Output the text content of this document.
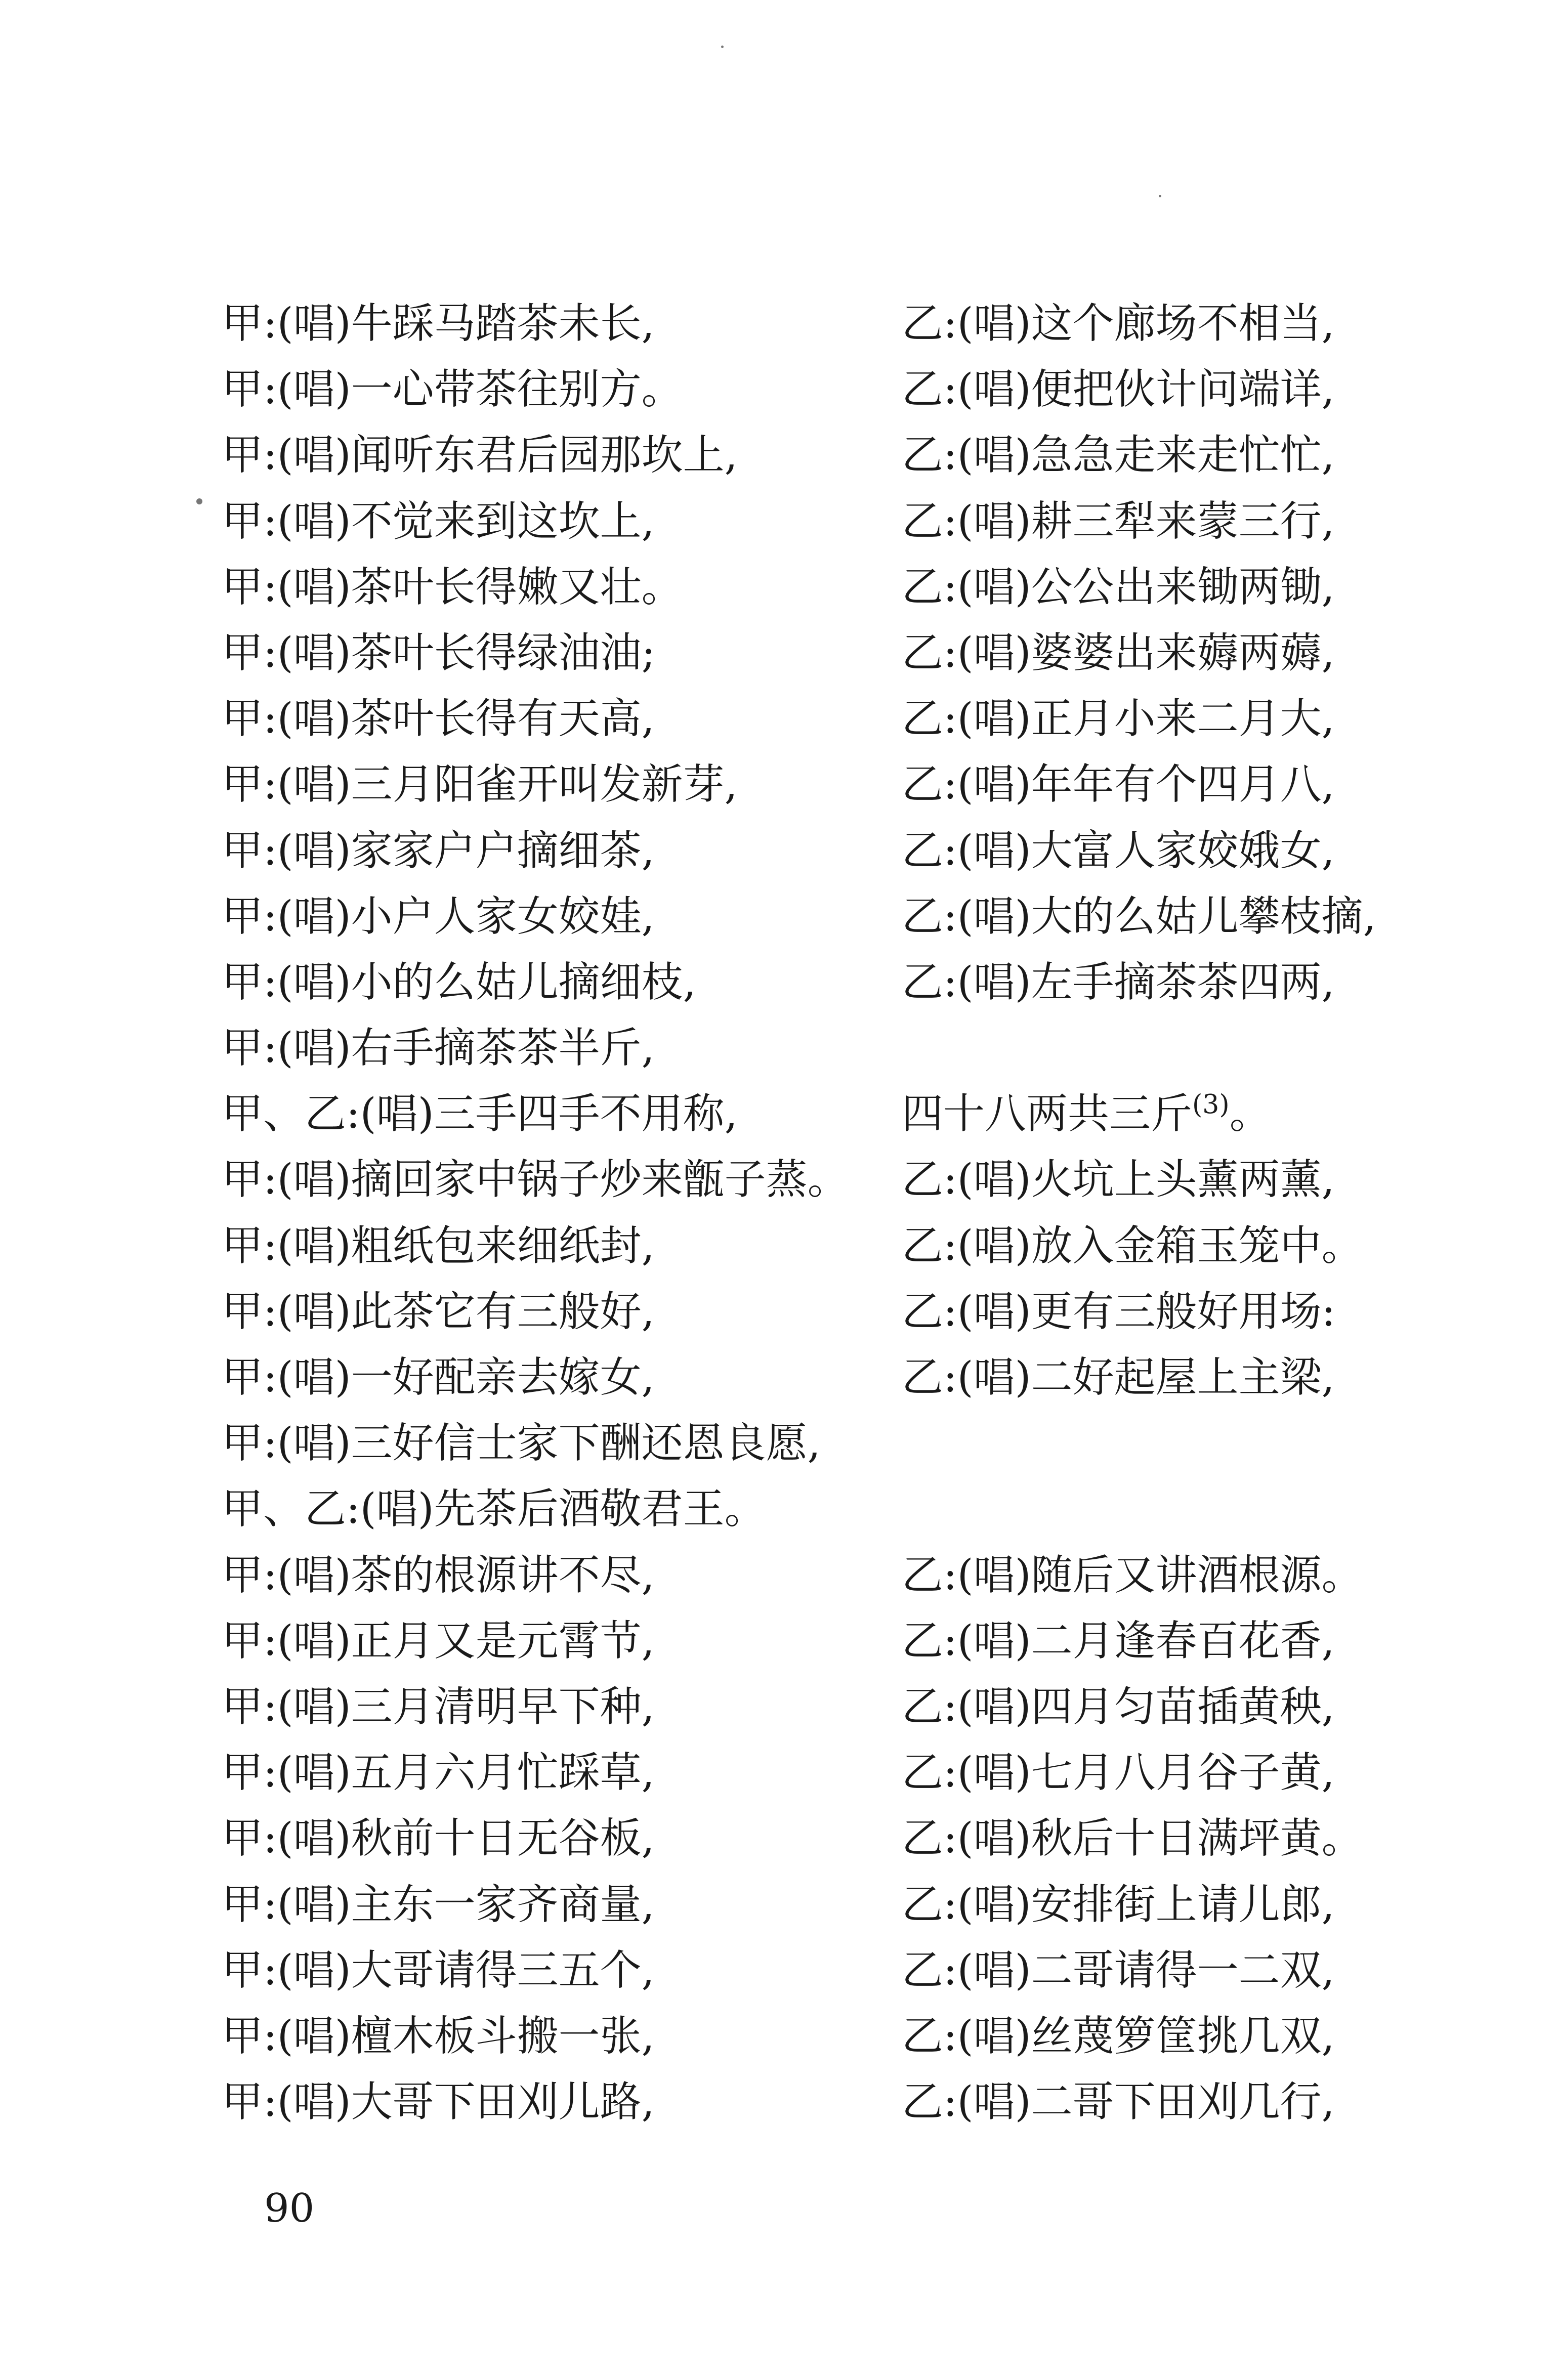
甲:(唱)牛踩马踏茶未长,
甲:(唱)一心带茶往别方。
甲:(唱)闻听东君后园那坎上,
甲:(唱)不觉来到这坎上,
甲:(唱)茶叶长得嫩又壮。
甲:(唱)茶叶长得绿油油;
甲:(唱)茶叶长得有天高,
甲:(唱)三月阳雀开叫发新芽,
甲:(唱)家家户户摘细茶,
甲:(唱)小户人家女姣娃,
甲:(唱)小的么姑儿摘细枝,
甲:(唱)右手摘茶茶半斤,
甲、乙:(唱)三手四手不用称,
甲:(唱)摘回家中锅子炒来甑子蒸。
甲:(唱)粗纸包来细纸封,
甲:(唱)此茶它有三般好,
甲:(唱)一好配亲去嫁女,
甲:(唱)三好信士家下酬还恩良愿,
甲、乙:(唱)先茶后酒敬君王。
甲:(唱)茶的根源讲不尽,
甲:(唱)正月又是元霄节,
甲:(唱)三月清明早下种,
甲:(唱)五月六月忙踩草,
甲:(唱)秋前十日无谷板,
甲:(唱)主东一家齐商量,
甲:(唱)大哥请得三五个,
甲:(唱)檀木板斗搬一张,
甲:(唱)大哥下田刈儿路,
乙:(唱)这个廊场不相当,
乙:(唱)便把伙计问端详,
乙:(唱)急急走来走忙忙,
乙:(唱)耕三犁来蒙三行,
乙:(唱)公公出来锄两锄,
乙:(唱)婆婆出来薅两薅,
乙:(唱)正月小来二月大,
乙:(唱)年年有个四月八,
乙:(唱)大富人家姣娥女,
乙:(唱)大的么姑儿攀枝摘,
乙:(唱)左手摘茶茶四两,
四十八两共三斤$^{(3)}$。
乙:(唱)火坑上头薰两薰,
乙:(唱)放入金箱玉笼中。
乙:(唱)更有三般好用场:
乙:(唱)二好起屋上主梁,
乙:(唱)随后又讲酒根源。
乙:(唱)二月逢春百花香,
乙:(唱)四月匀苗插黄秧,
乙:(唱)七月八月谷子黄,
乙:(唱)秋后十日满坪黄。
乙:(唱)安排街上请儿郎,
乙:(唱)二哥请得一二双,
乙:(唱)丝蔑箩筐挑几双,
乙:(唱)二哥下田刈几行,
90
